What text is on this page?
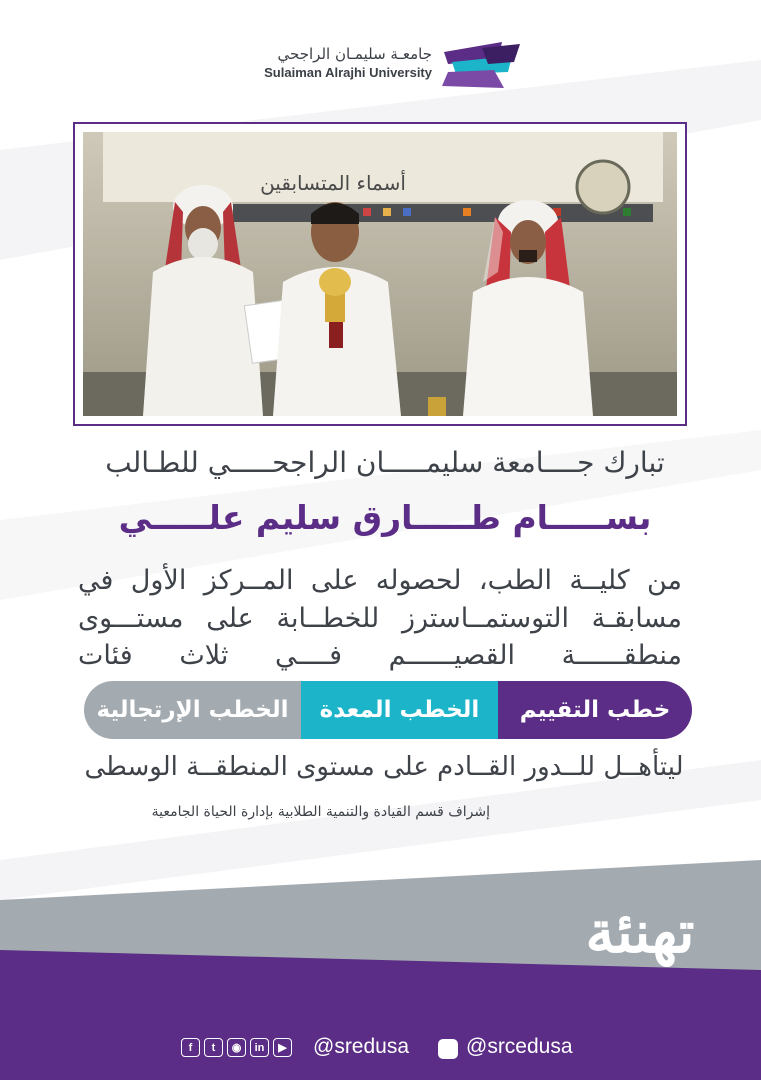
جامعـة سليمـان الراجحي
Sulaiman Alrajhi University
أسماء المتسابقين
تبارك جــــامعة سليمـــــان الراجحـــــي للطـالب
بســـــام طـــــارق سليم علـــــي
من كليــة الطب، لحصوله على المــركز الأول في
مسابقـة التوستمــاسترز للخطــابة على مستـــوى
منطقــــــة القصيــــــم فــــي ثلاث فئات
خطب التقييم
الخطب المعدة
الخطب الإرتجالية
ليتأهــل للــدور القــادم على مستوى المنطقــة الوسطى
إشراف قسم القيادة والتنمية الطلابية بإدارة الحياة الجامعية
تهنئة
f	t	◉	in	▶ @sredusa	@srcedusa
